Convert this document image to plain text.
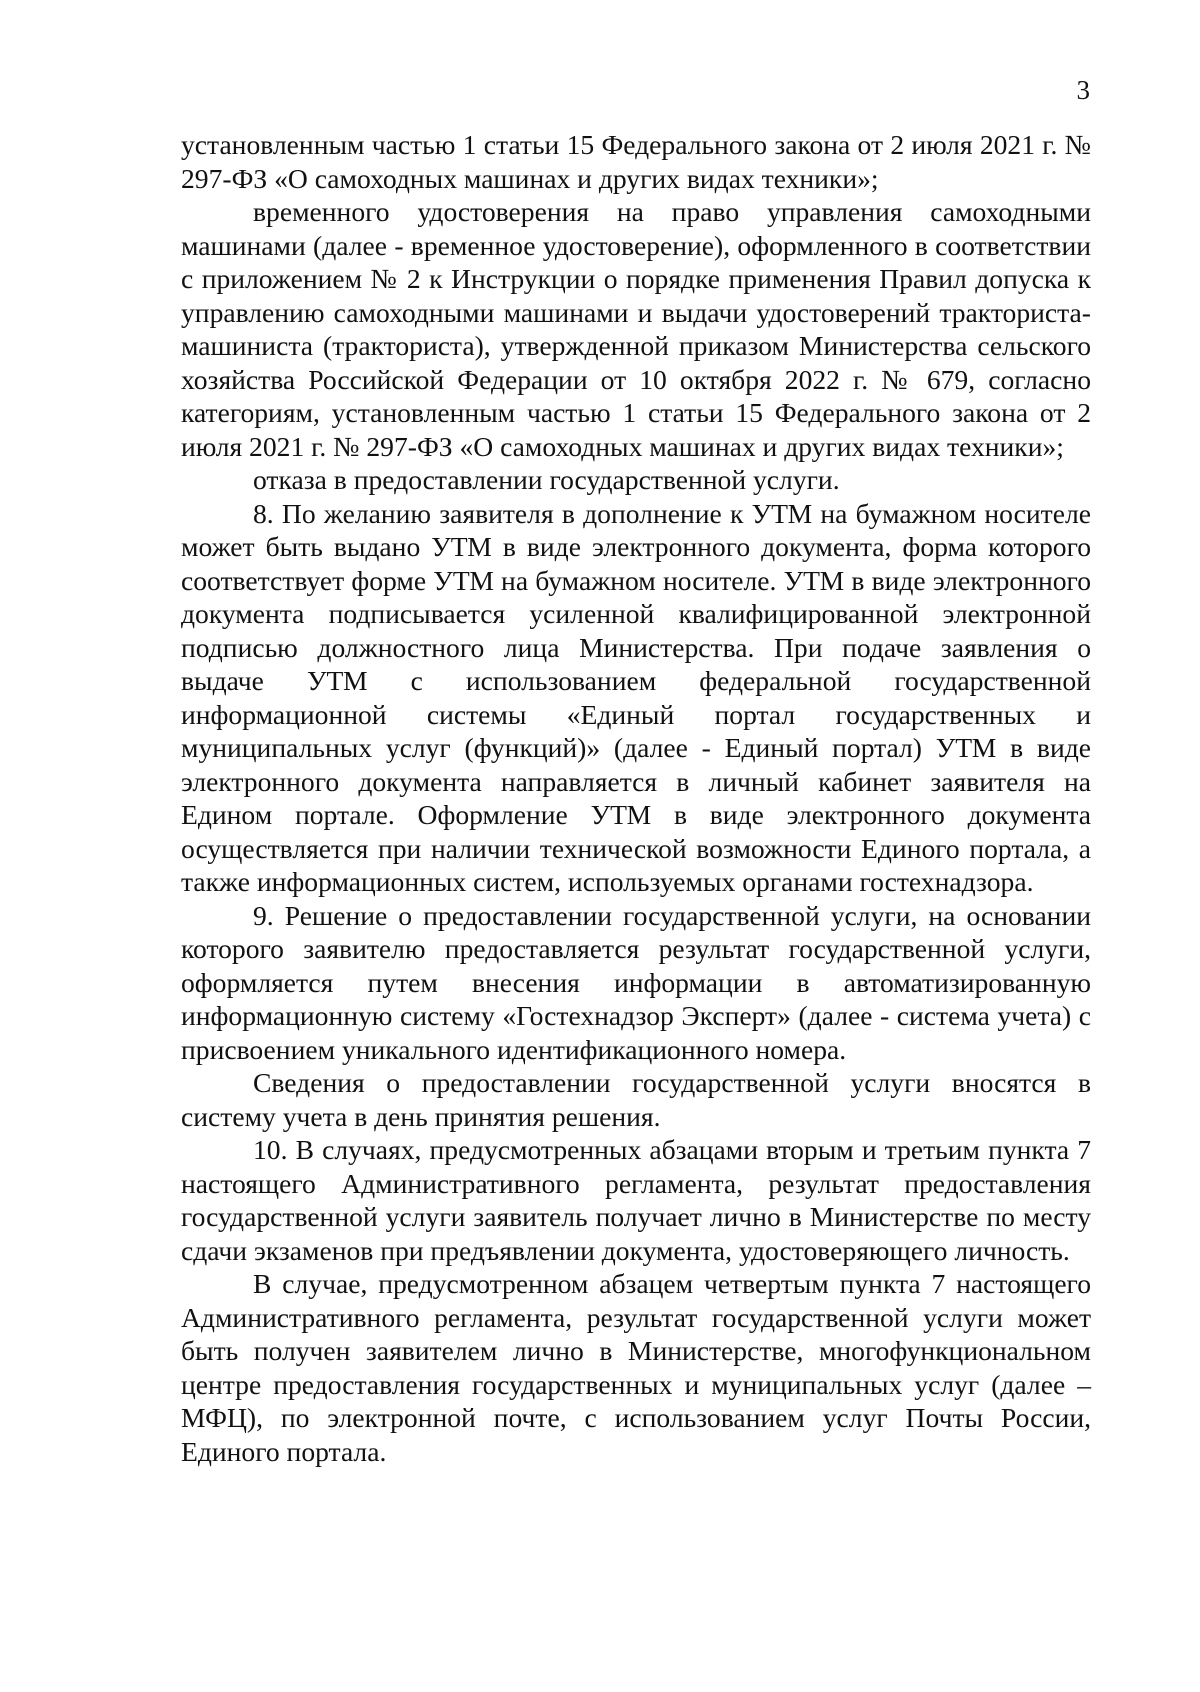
3

установленным частью 1 статьи 15 Федерального закона от 2 июля 2021 г. № 297-ФЗ «О самоходных машинах и других видах техники»;

временного удостоверения на право управления самоходными машинами (далее - временное удостоверение), оформленного в соответствии с приложением № 2 к Инструкции о порядке применения Правил допуска к управлению самоходными машинами и выдачи удостоверений тракториста-машиниста (тракториста), утвержденной приказом Министерства сельского хозяйства Российской Федерации от 10 октября 2022 г. № 679, согласно категориям, установленным частью 1 статьи 15 Федерального закона от 2 июля 2021 г. № 297-ФЗ «О самоходных машинах и других видах техники»;

отказа в предоставлении государственной услуги.

8. По желанию заявителя в дополнение к УТМ на бумажном носителе может быть выдано УТМ в виде электронного документа, форма которого соответствует форме УТМ на бумажном носителе. УТМ в виде электронного документа подписывается усиленной квалифицированной электронной подписью должностного лица Министерства. При подаче заявления о выдаче УТМ с использованием федеральной государственной информационной системы «Единый портал государственных и муниципальных услуг (функций)» (далее - Единый портал) УТМ в виде электронного документа направляется в личный кабинет заявителя на Едином портале. Оформление УТМ в виде электронного документа осуществляется при наличии технической возможности Единого портала, а также информационных систем, используемых органами гостехнадзора.

9. Решение о предоставлении государственной услуги, на основании которого заявителю предоставляется результат государственной услуги, оформляется путем внесения информации в автоматизированную информационную систему «Гостехнадзор Эксперт» (далее - система учета) с присвоением уникального идентификационного номера.

Сведения о предоставлении государственной услуги вносятся в систему учета в день принятия решения.

10. В случаях, предусмотренных абзацами вторым и третьим пункта 7 настоящего Административного регламента, результат предоставления государственной услуги заявитель получает лично в Министерстве по месту сдачи экзаменов при предъявлении документа, удостоверяющего личность.

В случае, предусмотренном абзацем четвертым пункта 7 настоящего Административного регламента, результат государственной услуги может быть получен заявителем лично в Министерстве, многофункциональном центре предоставления государственных и муниципальных услуг (далее – МФЦ), по электронной почте, с использованием услуг Почты России, Единого портала.
